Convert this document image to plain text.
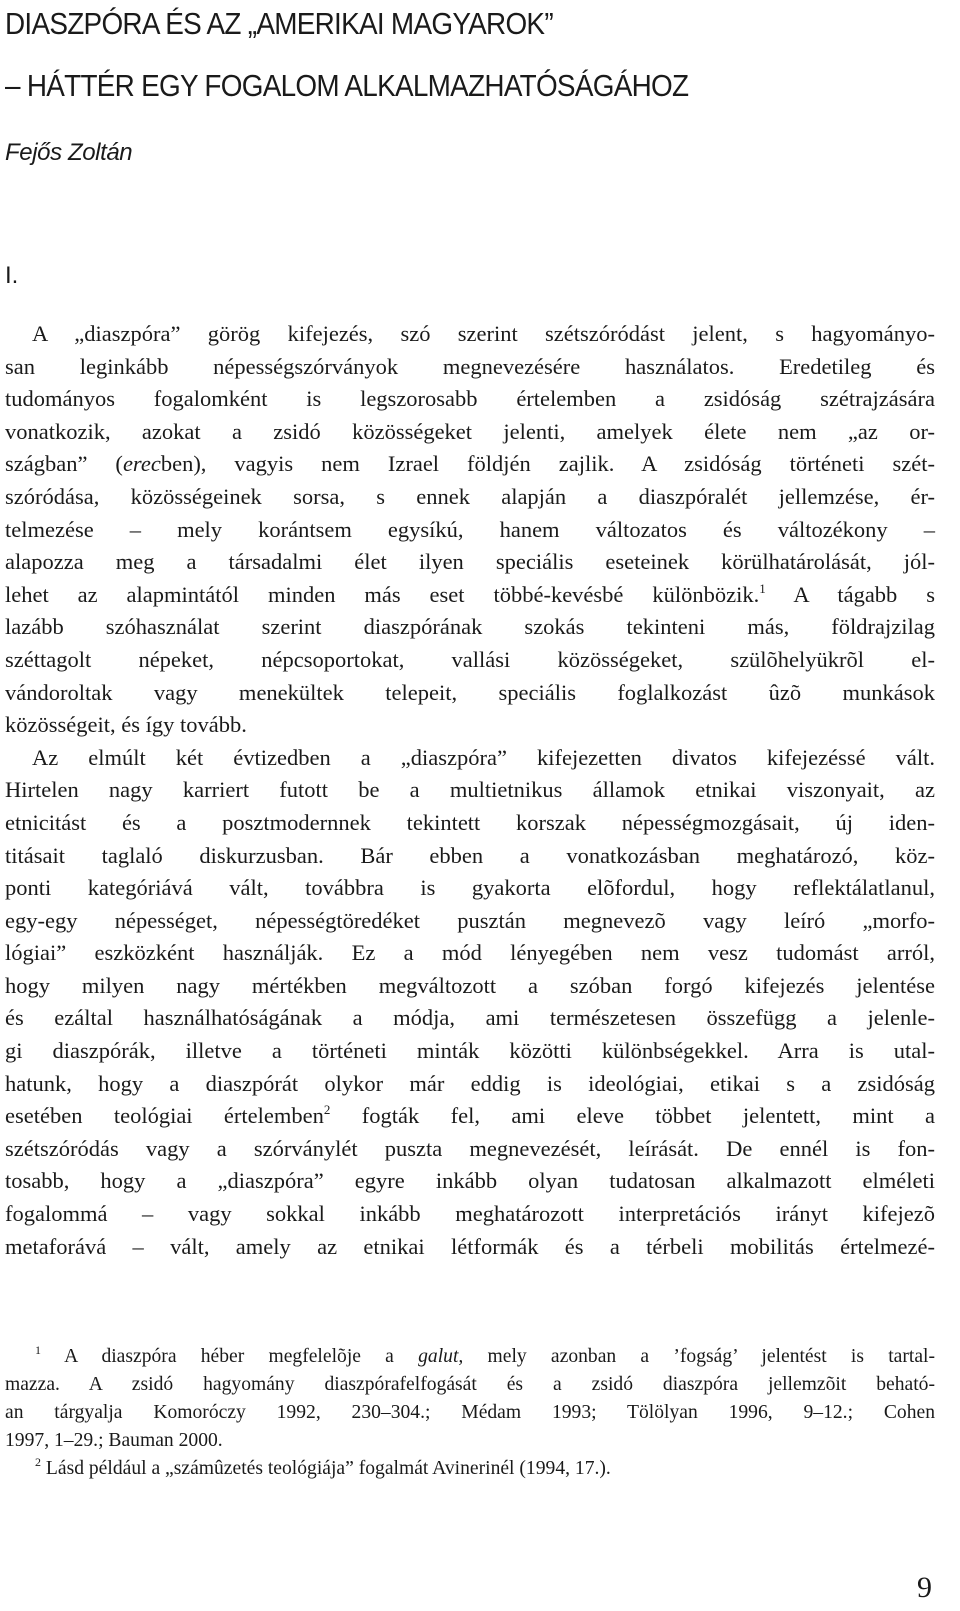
DIASZPÓRA ÉS AZ „AMERIKAI MAGYAROK”
– HÁTTÉR EGY FOGALOM ALKALMAZHATÓSÁGÁHOZ

Fejős Zoltán

I.

A „diaszpóra” görög kifejezés, szó szerint szétszóródást jelent, s hagyományo-
san leginkább népességszórványok megnevezésére használatos. Eredetileg és
tudományos fogalomként is legszorosabb értelemben a zsidóság szétrajzására
vonatkozik, azokat a zsidó közösségeket jelenti, amelyek élete nem „az or-
szágban” (erecben), vagyis nem Izrael földjén zajlik. A zsidóság történeti szét-
szóródása, közösségeinek sorsa, s ennek alapján a diaszpóralét jellemzése, ér-
telmezése – mely korántsem egysíkú, hanem változatos és változékony –
alapozza meg a társadalmi élet ilyen speciális eseteinek körülhatárolását, jól-
lehet az alapmintától minden más eset többé-kevésbé különbözik.$^1$ A tágabb s
lazább szóhasználat szerint diaszpórának szokás tekinteni más, földrajzilag
széttagolt népeket, népcsoportokat, vallási közösségeket, szülõhelyükrõl el-
vándoroltak vagy menekültek telepeit, speciális foglalkozást ûzõ munkások
közösségeit, és így tovább.
Az elmúlt két évtizedben a „diaszpóra” kifejezetten divatos kifejezéssé vált.
Hirtelen nagy karriert futott be a multietnikus államok etnikai viszonyait, az
etnicitást és a posztmodernnek tekintett korszak népességmozgásait, új iden-
titásait taglaló diskurzusban. Bár ebben a vonatkozásban meghatározó, köz-
ponti kategóriává vált, továbbra is gyakorta elõfordul, hogy reflektálatlanul,
egy-egy népességet, népességtöredéket pusztán megnevezõ vagy leíró „morfo-
lógiai” eszközként használják. Ez a mód lényegében nem vesz tudomást arról,
hogy milyen nagy mértékben megváltozott a szóban forgó kifejezés jelentése
és ezáltal használhatóságának a módja, ami természetesen összefügg a jelenle-
gi diaszpórák, illetve a történeti minták közötti különbségekkel. Arra is utal-
hatunk, hogy a diaszpórát olykor már eddig is ideológiai, etikai s a zsidóság
esetében teológiai értelemben$^2$ fogták fel, ami eleve többet jelentett, mint a
szétszóródás vagy a szórványlét puszta megnevezését, leírását. De ennél is fon-
tosabb, hogy a „diaszpóra” egyre inkább olyan tudatosan alkalmazott elméleti
fogalommá – vagy sokkal inkább meghatározott interpretációs irányt kifejezõ
metaforává – vált, amely az etnikai létformák és a térbeli mobilitás értelmezé-
$^1$ A diaszpóra héber megfelelõje a galut, mely azonban a ’fogság’ jelentést is tartal-
mazza. A zsidó hagyomány diaszpórafelfogását és a zsidó diaszpóra jellemzõit beható-
an tárgyalja Komoróczy 1992, 230–304.; Médam 1993; Tölölyan 1996, 9–12.; Cohen
1997, 1–29.; Bauman 2000.
$^2$ Lásd például a „számûzetés teológiája” fogalmát Avinerinél (1994, 17.).

9
